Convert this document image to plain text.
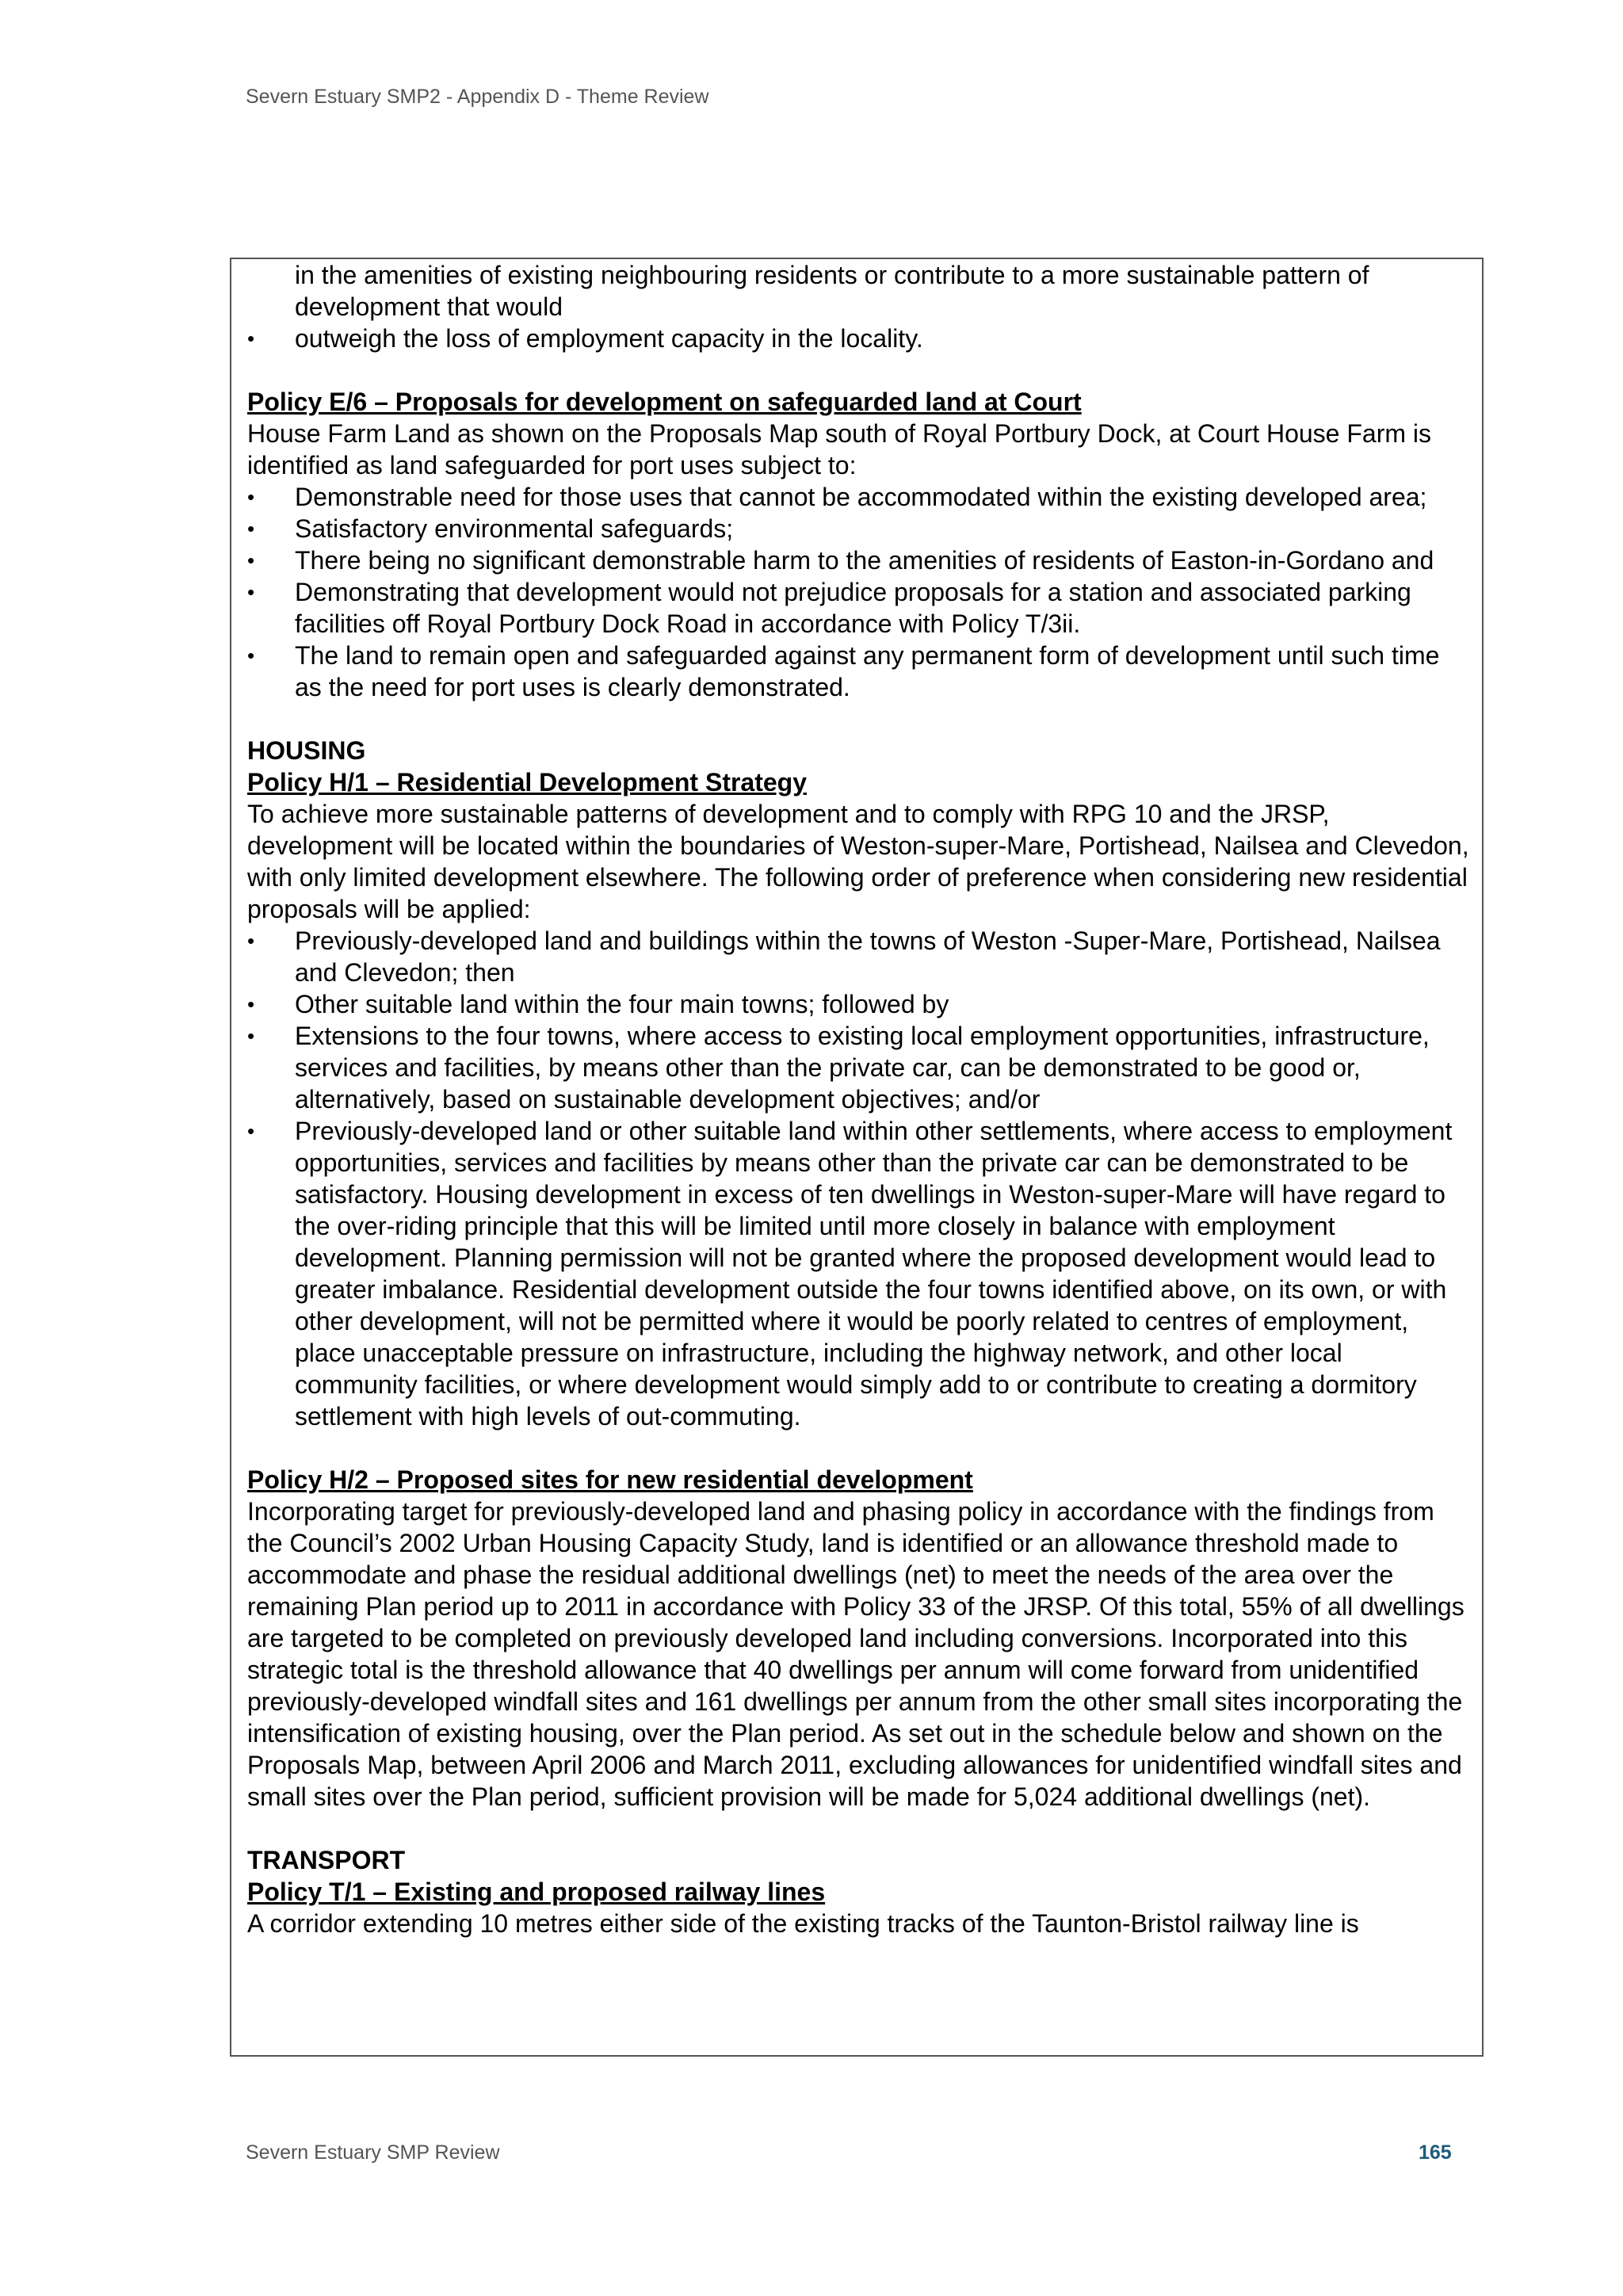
Severn Estuary SMP2 - Appendix D - Theme Review
in the amenities of existing neighbouring residents or contribute to a more sustainable pattern of development that would
• outweigh the loss of employment capacity in the locality.

Policy E/6 – Proposals for development on safeguarded land at Court

House Farm Land as shown on the Proposals Map south of Royal Portbury Dock, at Court House Farm is identified as land safeguarded for port uses subject to:

• Demonstrable need for those uses that cannot be accommodated within the existing developed area;
• Satisfactory environmental safeguards;
• There being no significant demonstrable harm to the amenities of residents of Easton-in-Gordano and
• Demonstrating that development would not prejudice proposals for a station and associated parking facilities off Royal Portbury Dock Road in accordance with Policy T/3ii.
• The land to remain open and safeguarded against any permanent form of development until such time as the need for port uses is clearly demonstrated.

HOUSING

Policy H/1 – Residential Development Strategy

To achieve more sustainable patterns of development and to comply with RPG 10 and the JRSP, development will be located within the boundaries of Weston-super-Mare, Portishead, Nailsea and Clevedon, with only limited development elsewhere. The following order of preference when considering new residential proposals will be applied:

• Previously-developed land and buildings within the towns of Weston -Super-Mare, Portishead, Nailsea and Clevedon; then
• Other suitable land within the four main towns; followed by
• Extensions to the four towns, where access to existing local employment opportunities, infrastructure, services and facilities, by means other than the private car, can be demonstrated to be good or, alternatively, based on sustainable development objectives; and/or
• Previously-developed land or other suitable land within other settlements, where access to employment opportunities, services and facilities by means other than the private car can be demonstrated to be satisfactory. Housing development in excess of ten dwellings in Weston-super-Mare will have regard to the over-riding principle that this will be limited until more closely in balance with employment development. Planning permission will not be granted where the proposed development would lead to greater imbalance. Residential development outside the four towns identified above, on its own, or with other development, will not be permitted where it would be poorly related to centres of employment, place unacceptable pressure on infrastructure, including the highway network, and other local community facilities, or where development would simply add to or contribute to creating a dormitory settlement with high levels of out-commuting.

Policy H/2 – Proposed sites for new residential development

Incorporating target for previously-developed land and phasing policy in accordance with the findings from the Council’s 2002 Urban Housing Capacity Study, land is identified or an allowance threshold made to accommodate and phase the residual additional dwellings (net) to meet the needs of the area over the remaining Plan period up to 2011 in accordance with Policy 33 of the JRSP. Of this total, 55% of all dwellings are targeted to be completed on previously developed land including conversions. Incorporated into this strategic total is the threshold allowance that 40 dwellings per annum will come forward from unidentified previously-developed windfall sites and 161 dwellings per annum from the other small sites incorporating the intensification of existing housing, over the Plan period. As set out in the schedule below and shown on the Proposals Map, between April 2006 and March 2011, excluding allowances for unidentified windfall sites and small sites over the Plan period, sufficient provision will be made for 5,024 additional dwellings (net).

TRANSPORT

Policy T/1 – Existing and proposed railway lines

A corridor extending 10 metres either side of the existing tracks of the Taunton-Bristol railway line is

Severn Estuary SMP Review	165
